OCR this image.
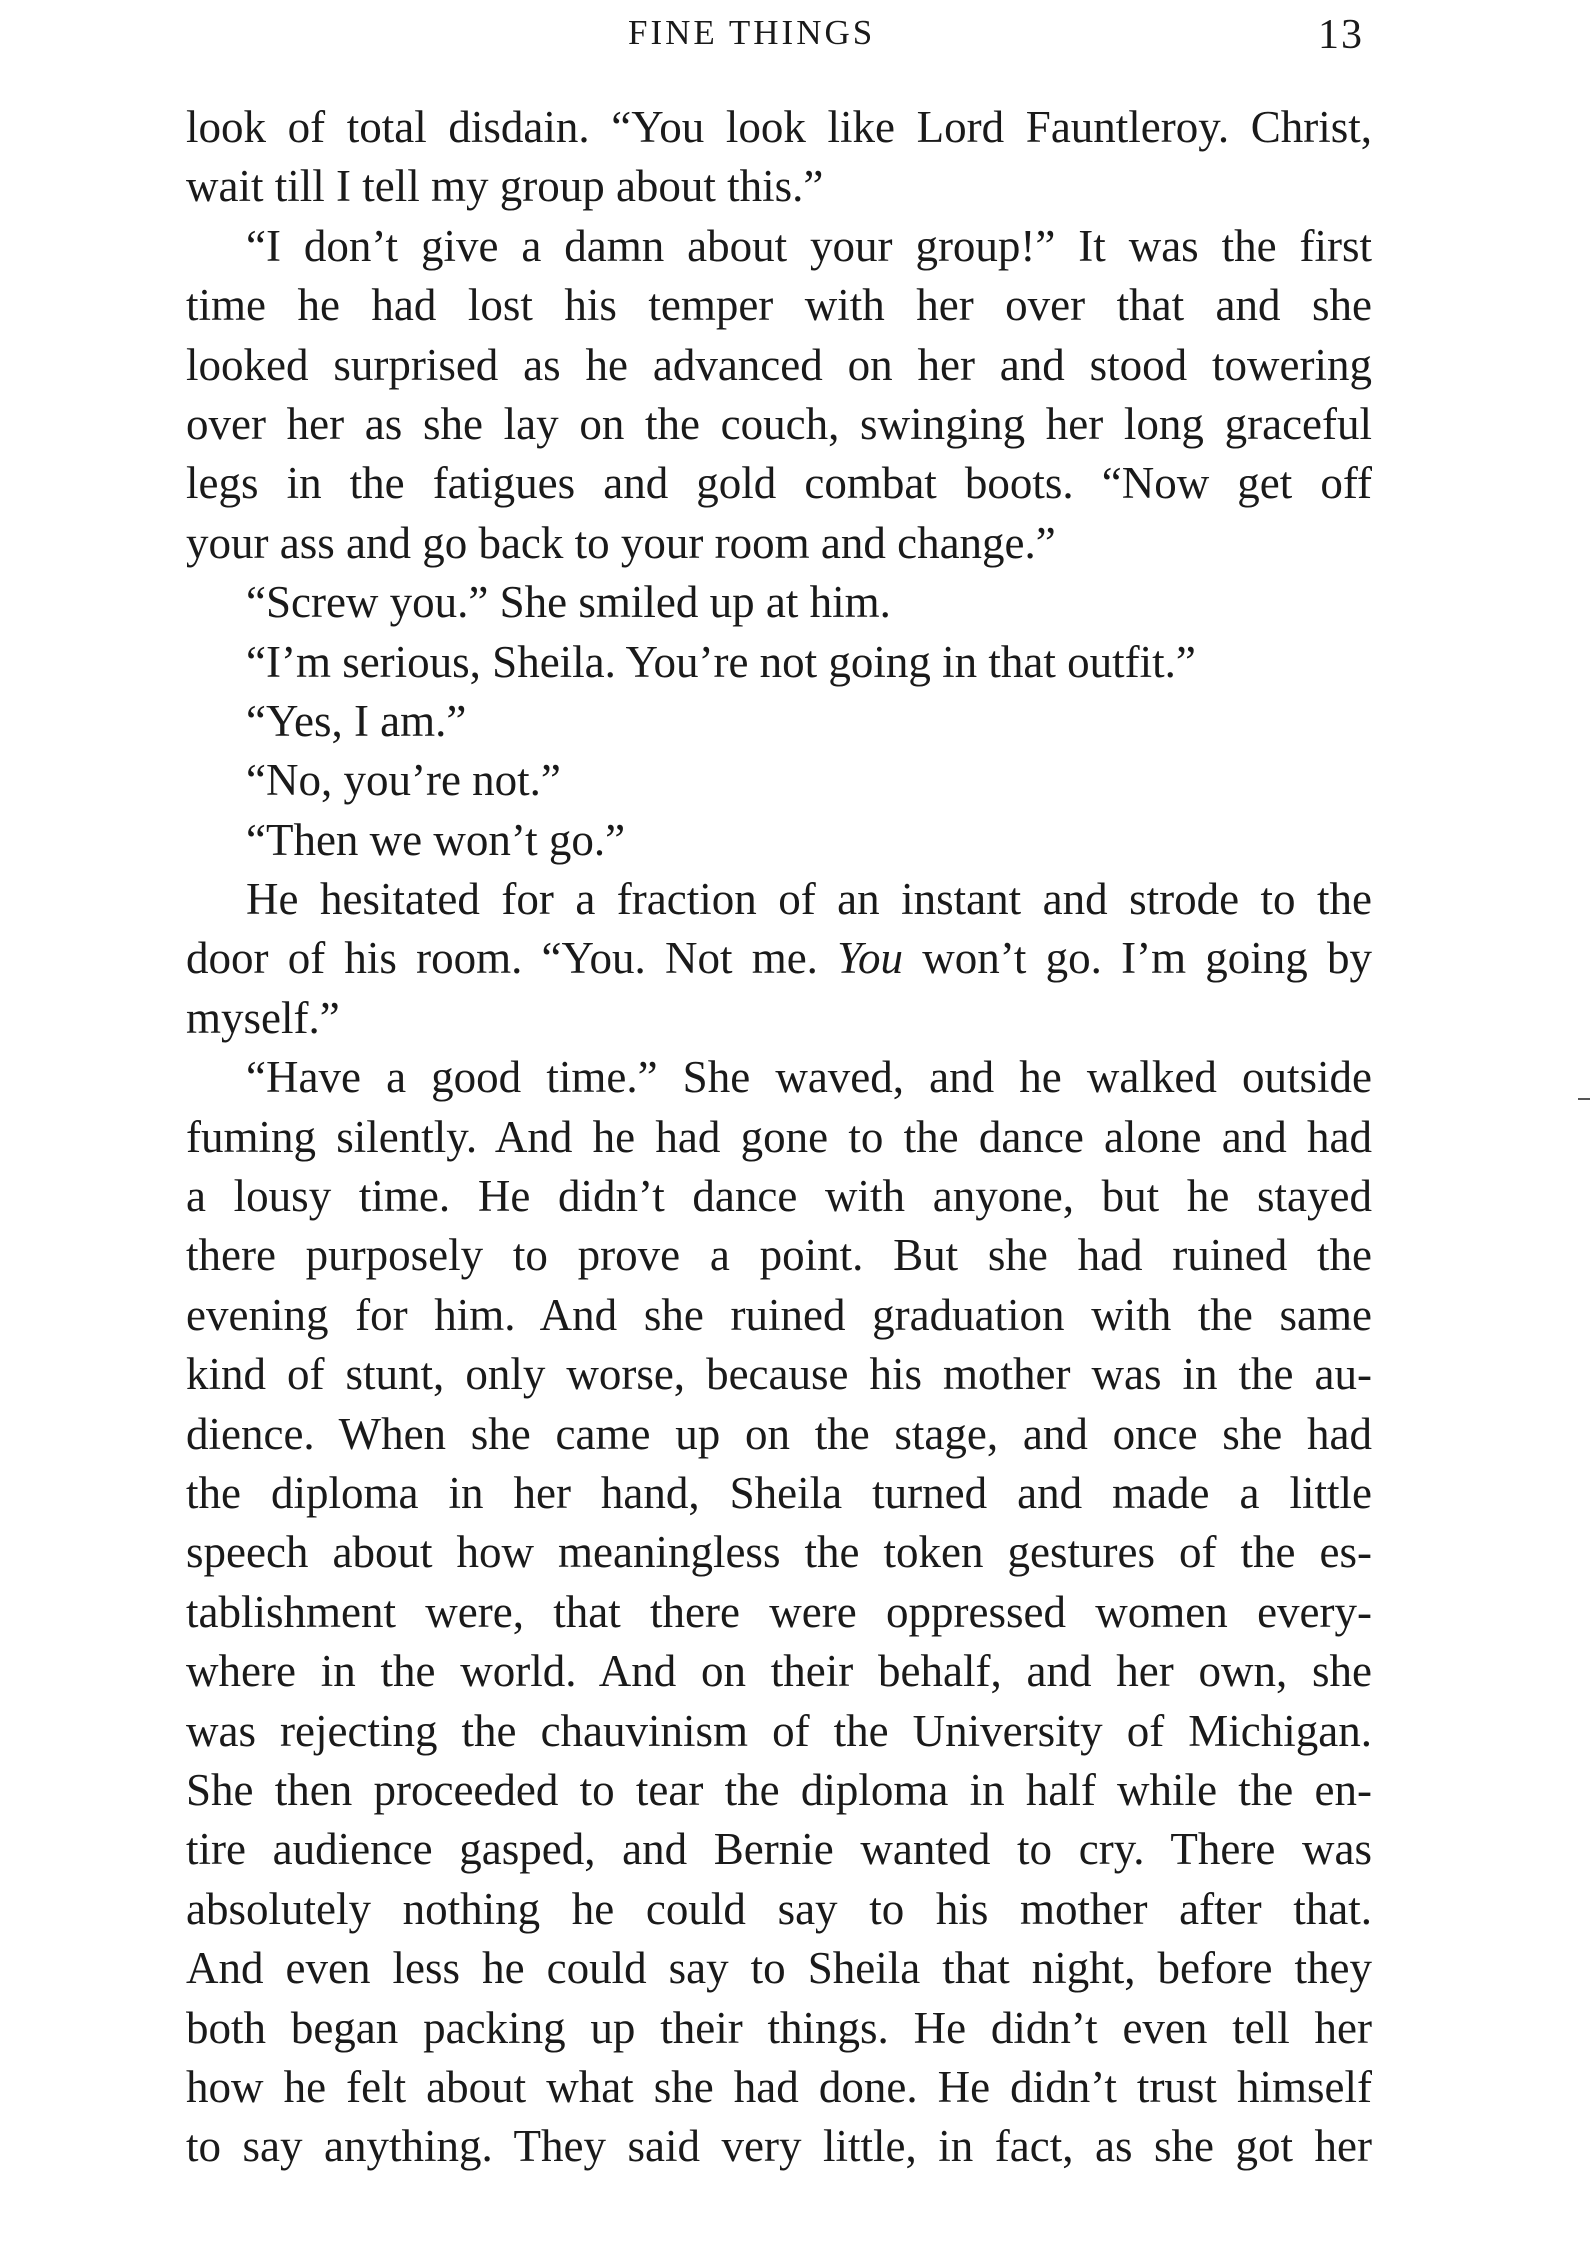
FINE THINGS	13
look of total disdain. “You look like Lord Fauntleroy. Christ,
wait till I tell my group about this.”
“I don’t give a damn about your group!” It was the first
time he had lost his temper with her over that and she
looked surprised as he advanced on her and stood towering
over her as she lay on the couch, swinging her long graceful
legs in the fatigues and gold combat boots. “Now get off
your ass and go back to your room and change.”
“Screw you.” She smiled up at him.
“I’m serious, Sheila. You’re not going in that outfit.”
“Yes, I am.”
“No, you’re not.”
“Then we won’t go.”
He hesitated for a fraction of an instant and strode to the
door of his room. “You. Not me. You won’t go. I’m going by
myself.”
“Have a good time.” She waved, and he walked outside
fuming silently. And he had gone to the dance alone and had
a lousy time. He didn’t dance with anyone, but he stayed
there purposely to prove a point. But she had ruined the
evening for him. And she ruined graduation with the same
kind of stunt, only worse, because his mother was in the au-
dience. When she came up on the stage, and once she had
the diploma in her hand, Sheila turned and made a little
speech about how meaningless the token gestures of the es-
tablishment were, that there were oppressed women every-
where in the world. And on their behalf, and her own, she
was rejecting the chauvinism of the University of Michigan.
She then proceeded to tear the diploma in half while the en-
tire audience gasped, and Bernie wanted to cry. There was
absolutely nothing he could say to his mother after that.
And even less he could say to Sheila that night, before they
both began packing up their things. He didn’t even tell her
how he felt about what she had done. He didn’t trust himself
to say anything. They said very little, in fact, as she got her
